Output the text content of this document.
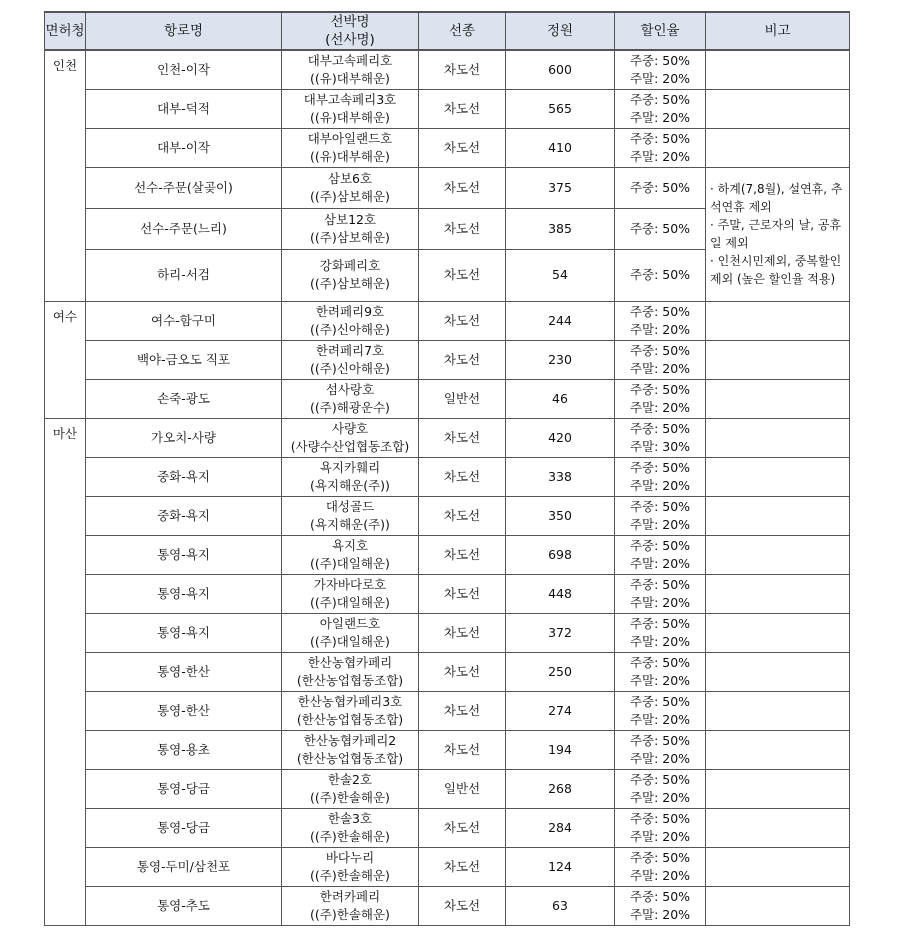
면허청	항로명	선박명
(선사명)	선종	정원	할인율	비고
인천	인천-이작	대부고속페리호
((유)대부해운)	차도선	600	주중: 50%
주말: 20%	

	대부-덕적	대부고속페리3호
((유)대부해운)	차도선	565	주중: 50%
주말: 20%	

	대부-이작	대부아일랜드호
((유)대부해운)	차도선	410	주중: 50%
주말: 20%	

	선수-주문(살곶이)	삼보6호
((주)삼보해운)	차도선	375	주중: 50%	· 하계(7,8월), 설연휴, 추석연휴 제외
· 주말, 근로자의 날, 공휴일 제외
· 인천시민제외, 중복할인제외 (높은 할인율 적용)

	선수-주문(느리)	삼보12호
((주)삼보해운)	차도선	385	주중: 50%	

	하리-서검	강화페리호
((주)삼보해운)	차도선	54	주중: 50%	

여수	여수-함구미	한려페리9호
((주)신아해운)	차도선	244	주중: 50%
주말: 20%	

	백야-금오도 직포	한려페리7호
((주)신아해운)	차도선	230	주중: 50%
주말: 20%	

	손죽-광도	섬사랑호
((주)해광운수)	일반선	46	주중: 50%
주말: 20%	

마산	가오치-사량	사량호
(사량수산업협동조합)	차도선	420	주중: 50%
주말: 30%	

	중화-욕지	욕지카훼리
(욕지해운(주))	차도선	338	주중: 50%
주말: 20%	

	중화-욕지	대성골드
(욕지해운(주))	차도선	350	주중: 50%
주말: 20%	

	통영-욕지	욕지호
((주)대일해운)	차도선	698	주중: 50%
주말: 20%	

	통영-욕지	가자바다로호
((주)대일해운)	차도선	448	주중: 50%
주말: 20%	

	통영-욕지	아일랜드호
((주)대일해운)	차도선	372	주중: 50%
주말: 20%	

	통영-한산	한산농협카페리
(한산농업협동조합)	차도선	250	주중: 50%
주말: 20%	

	통영-한산	한산농협카페리3호
(한산농업협동조합)	차도선	274	주중: 50%
주말: 20%	

	통영-용초	한산농협카페리2
(한산농업협동조합)	차도선	194	주중: 50%
주말: 20%	

	통영-당금	한솔2호
((주)한솔해운)	일반선	268	주중: 50%
주말: 20%	

	통영-당금	한솔3호
((주)한솔해운)	차도선	284	주중: 50%
주말: 20%	

	통영-두미/삼천포	바다누리
((주)한솔해운)	차도선	124	주중: 50%
주말: 20%	

	통영-추도	한려카페리
((주)한솔해운)	차도선	63	주중: 50%
주말: 20%	
